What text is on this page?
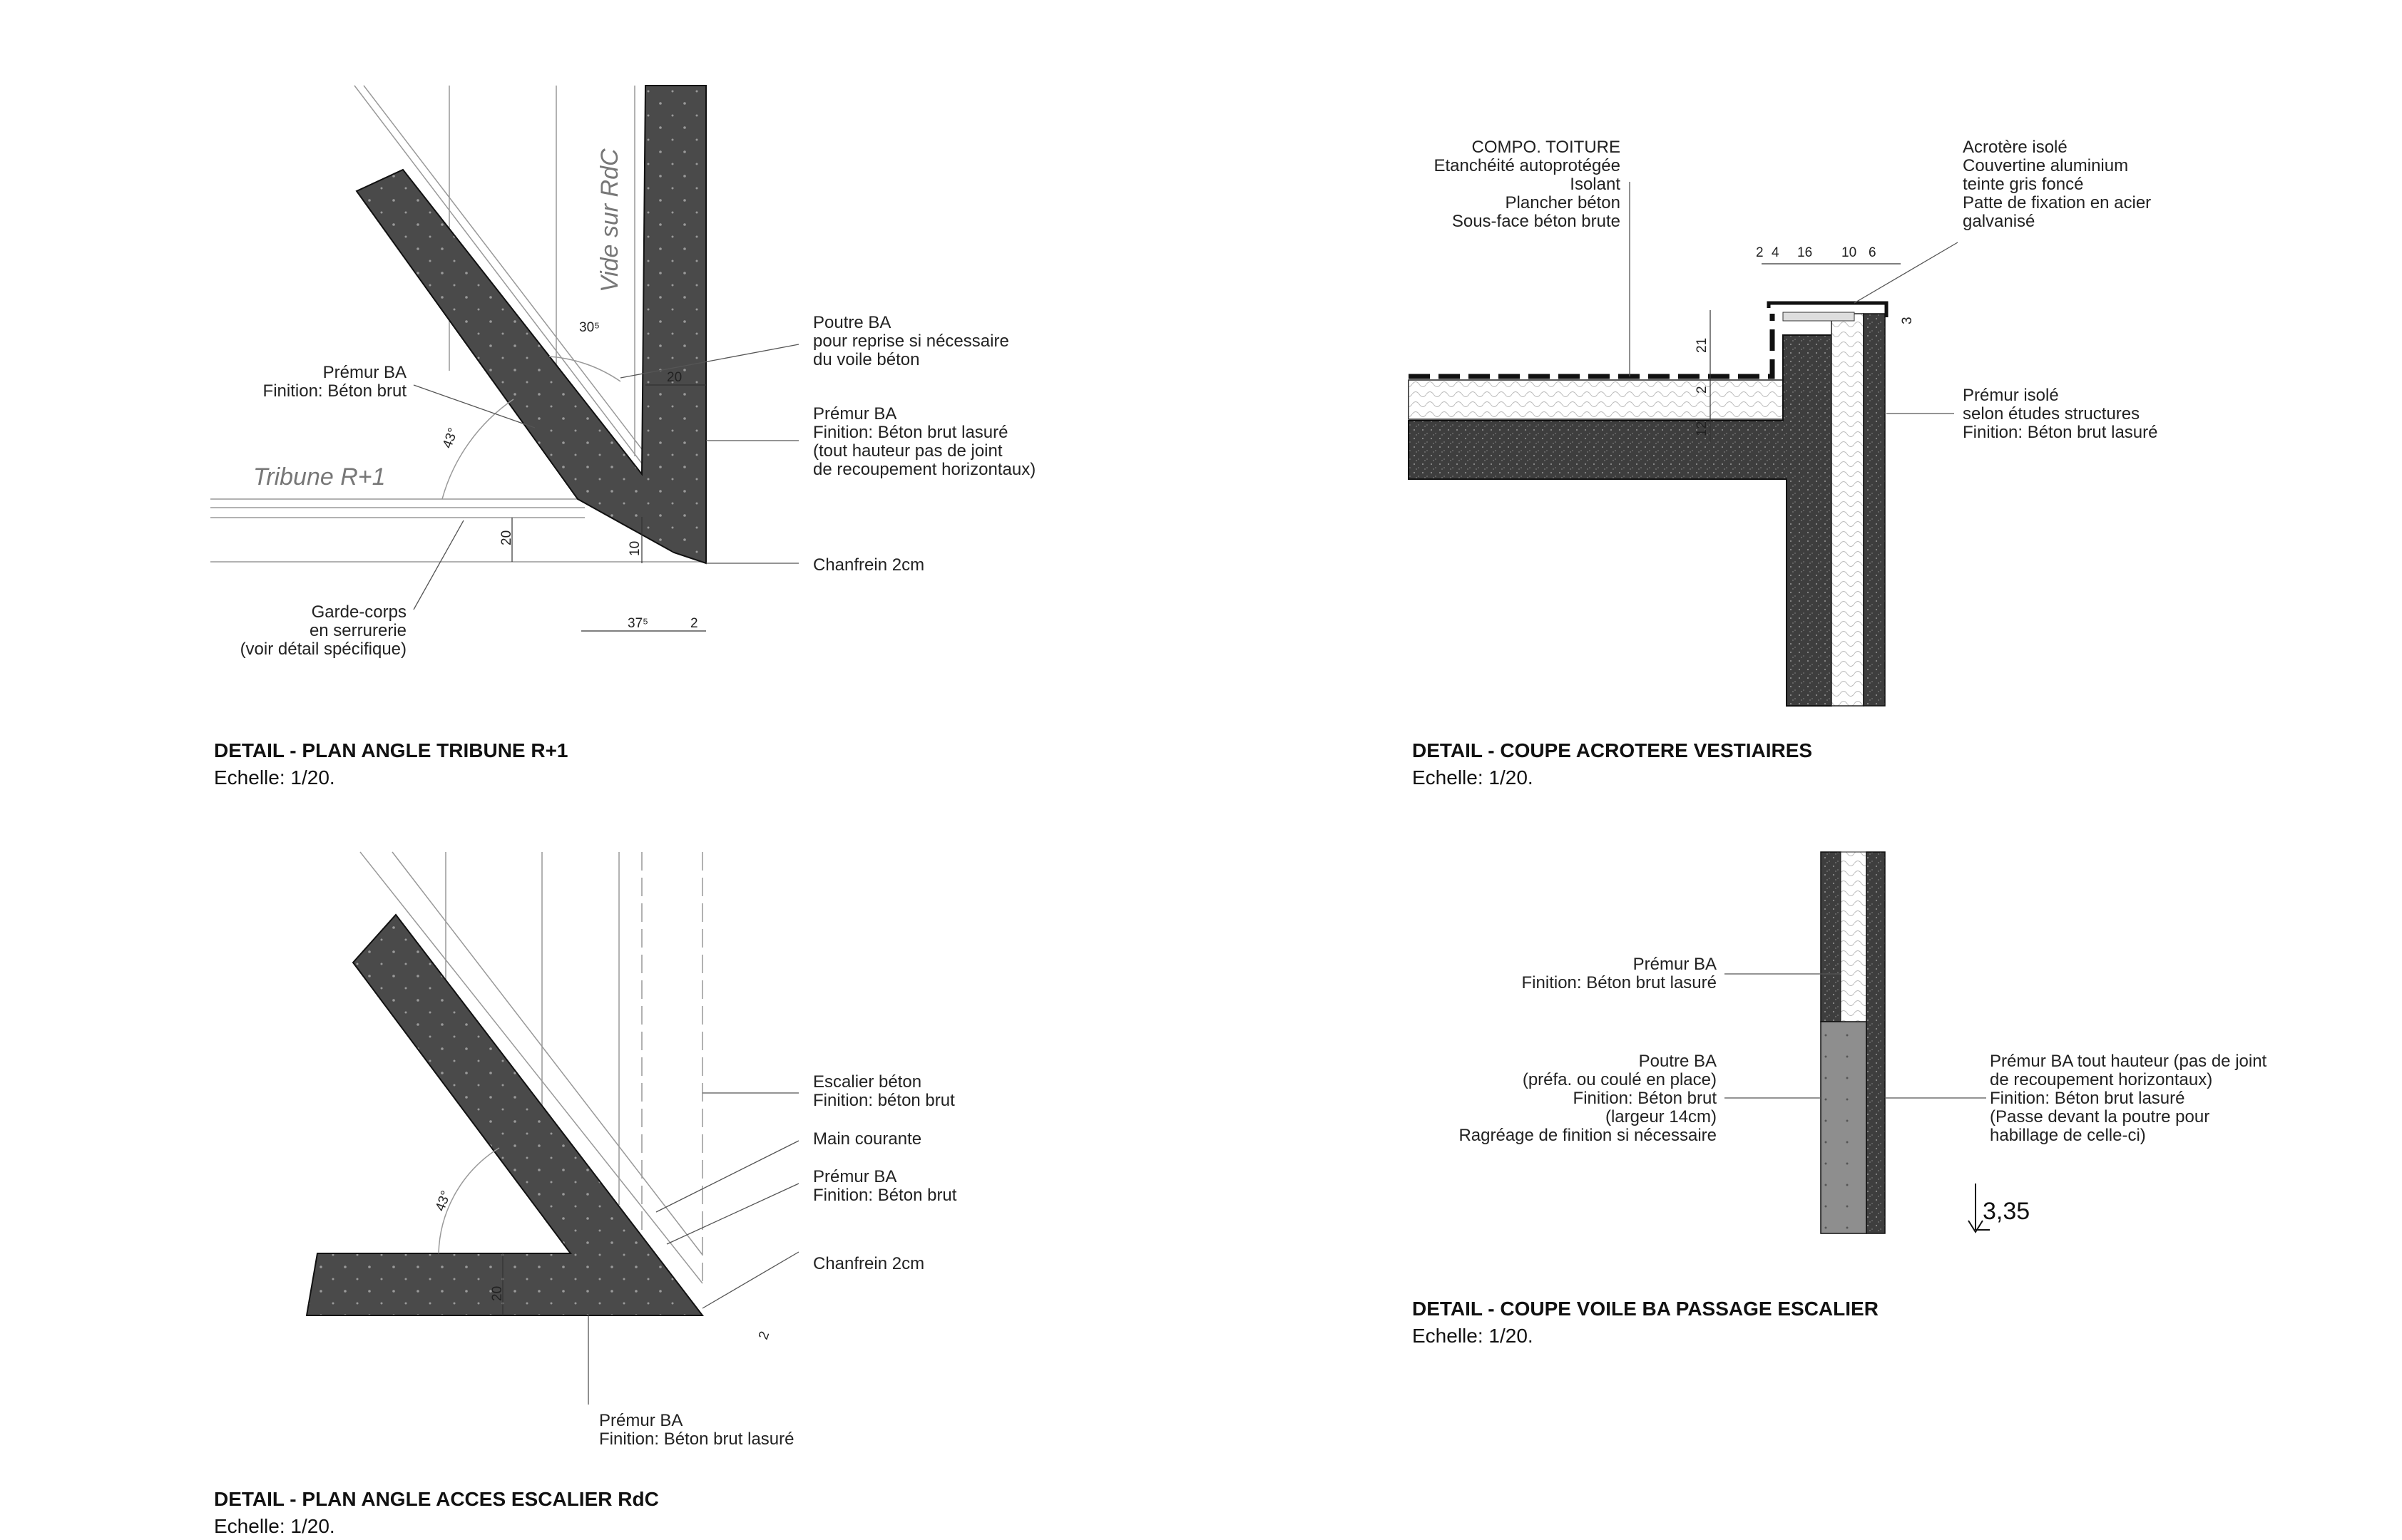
Vide sur RdC
Tribune R+1
Poutre BA
pour reprise si nécessaire
du voile béton
Prémur BA
Finition: Béton brut
Prémur BA
Finition: Béton brut lasuré
(tout hauteur pas de joint
de recoupement horizontaux)
Chanfrein 2cm
Garde-corps
en serrurerie
(voir détail spécifique)
30⁵
43°
20
20
10
37⁵	2
DETAIL - PLAN ANGLE TRIBUNE R+1
Echelle: 1/20.
COMPO. TOITURE
Etanchéité autoprotégée
Isolant
Plancher béton
Sous-face béton brute
Acrotère isolé
Couvertine aluminium
teinte gris foncé
Patte de fixation en acier
galvanisé
Prémur isolé
selon études structures
Finition: Béton brut lasuré
2 4 16 10 6
3
21
2
12
DETAIL - COUPE ACROTERE VESTIAIRES
Echelle: 1/20.
Escalier béton
Finition: béton brut
Main courante
Prémur BA
Finition: Béton brut
Chanfrein 2cm
Prémur BA
Finition: Béton brut lasuré
43°
20
2
DETAIL - PLAN ANGLE ACCES ESCALIER RdC
Echelle: 1/20.
Prémur BA
Finition: Béton brut lasuré
Poutre BA
(préfa. ou coulé en place)
Finition: Béton brut
(largeur 14cm)
Ragréage de finition si nécessaire
Prémur BA tout hauteur (pas de joint
de recoupement horizontaux)
Finition: Béton brut lasuré
(Passe devant la poutre pour
habillage de celle-ci)
3,35
DETAIL - COUPE VOILE BA PASSAGE ESCALIER
Echelle: 1/20.
